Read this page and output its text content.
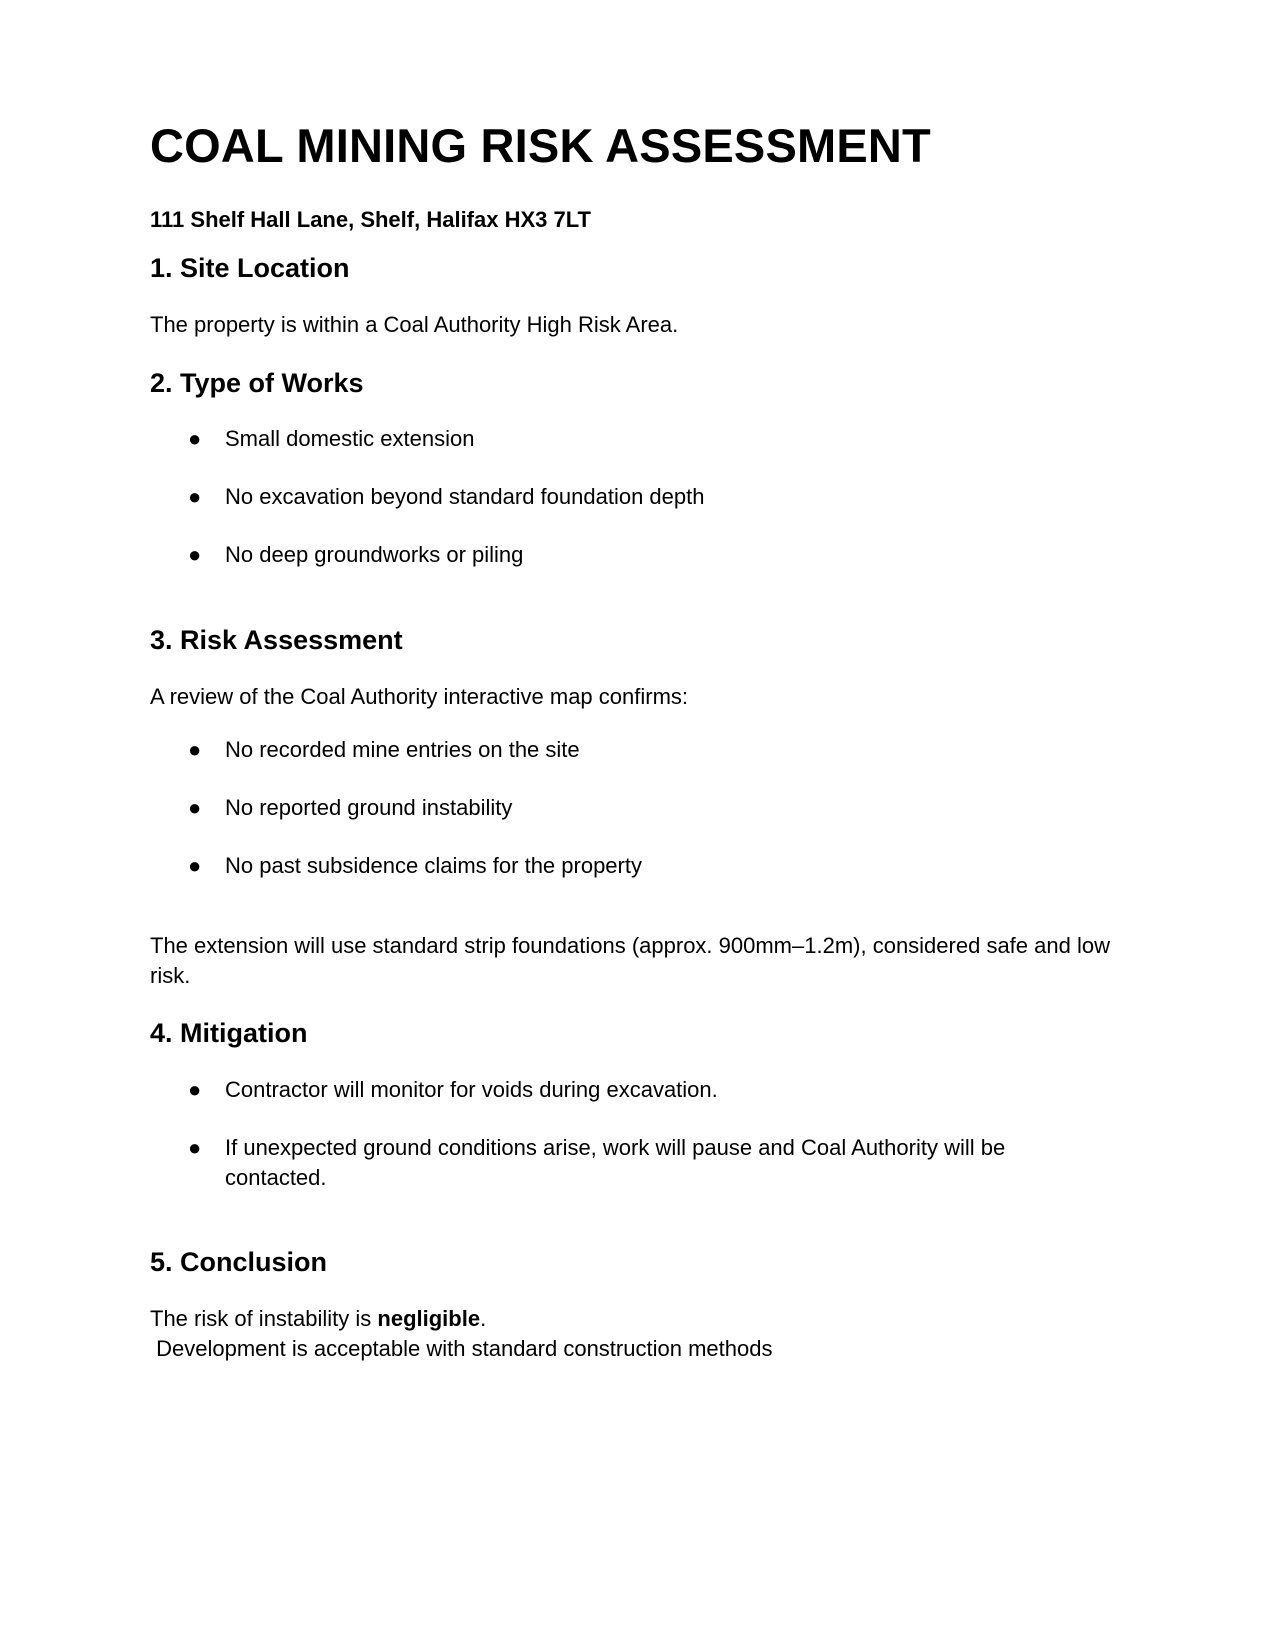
COAL MINING RISK ASSESSMENT

111 Shelf Hall Lane, Shelf, Halifax HX3 7LT

1. Site Location

The property is within a Coal Authority High Risk Area.

2. Type of Works
●	Small domestic extension
●	No excavation beyond standard foundation depth
●	No deep groundworks or piling
3. Risk Assessment

A review of the Coal Authority interactive map confirms:

●	No recorded mine entries on the site
●	No reported ground instability
●	No past subsidence claims for the property

The extension will use standard strip foundations (approx. 900mm–1.2m), considered safe and low risk.

4. Mitigation
●	Contractor will monitor for voids during excavation.
●	If unexpected ground conditions arise, work will pause and Coal Authority will be contacted.
5. Conclusion

The risk of instability is negligible.

Development is acceptable with standard construction methods
